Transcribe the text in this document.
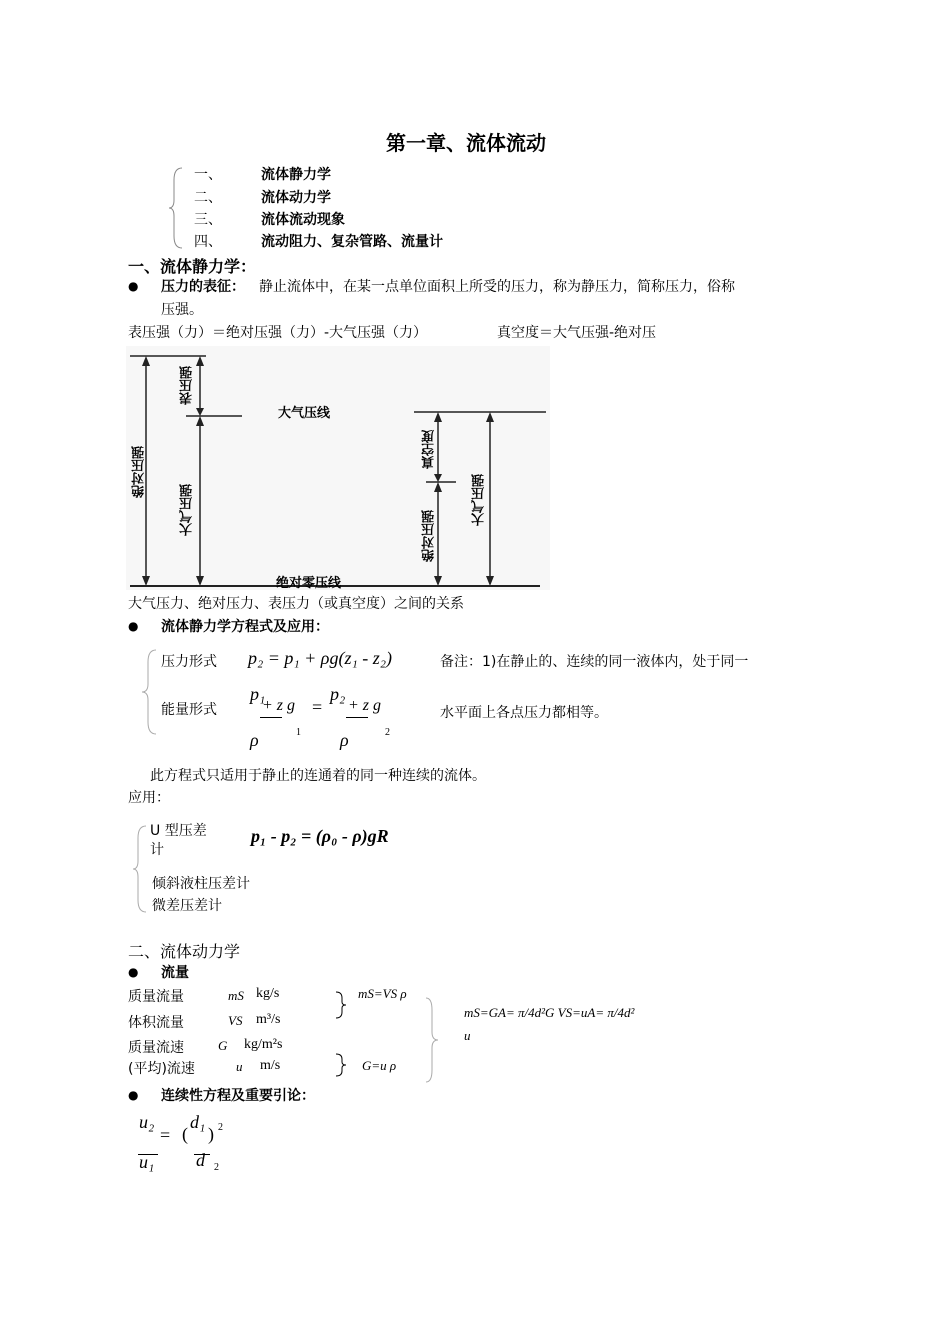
第一章、流体流动
一、	流体静力学
二、	流体动力学
三、	流体流动现象
四、	流动阻力、复杂管路、流量计
一、流体静力学：
● 压力的表征： 静止流体中，在某一点单位面积上所受的压力，称为静压力，简称压力，俗称
压强。
表压强（力）＝绝对压强（力）-大气压强（力）	真空度＝大气压强-绝对压
表压强
大气压线
绝对压强
大气压强
绝对零压线
真空度
绝对压强
大气压强
大气压力、绝对压力、表压力（或真空度）之间的关系
● 流体静力学方程式及应用：
压力形式 p₂ = p₁ + ρg(z₁ - z₂)
能量形式
p₁
+ z g =
p₂
+ z g
ρ	1 ρ	2
备注：1)在静止的、连续的同一液体内，处于同一
水平面上各点压力都相等。
此方程式只适用于静止的连通着的同一种连续的流体。
应用：
U 型压差
计
p₁ - p₂ = (ρ₀ - ρ)gR
倾斜液柱压差计
微差压差计
二、流体动力学
● 流量
质量流量	mS kg/s
体积流量	VS m³/s
质量流速	G kg/m²s
(平均)流速	u m/s
mS=VS ρ
G=u ρ
mS=GA= π/4d²G VS=uA= π/4d²
u
● 连续性方程及重要引论：
u₂
u₁
= (
d₁
) 2
d 2
